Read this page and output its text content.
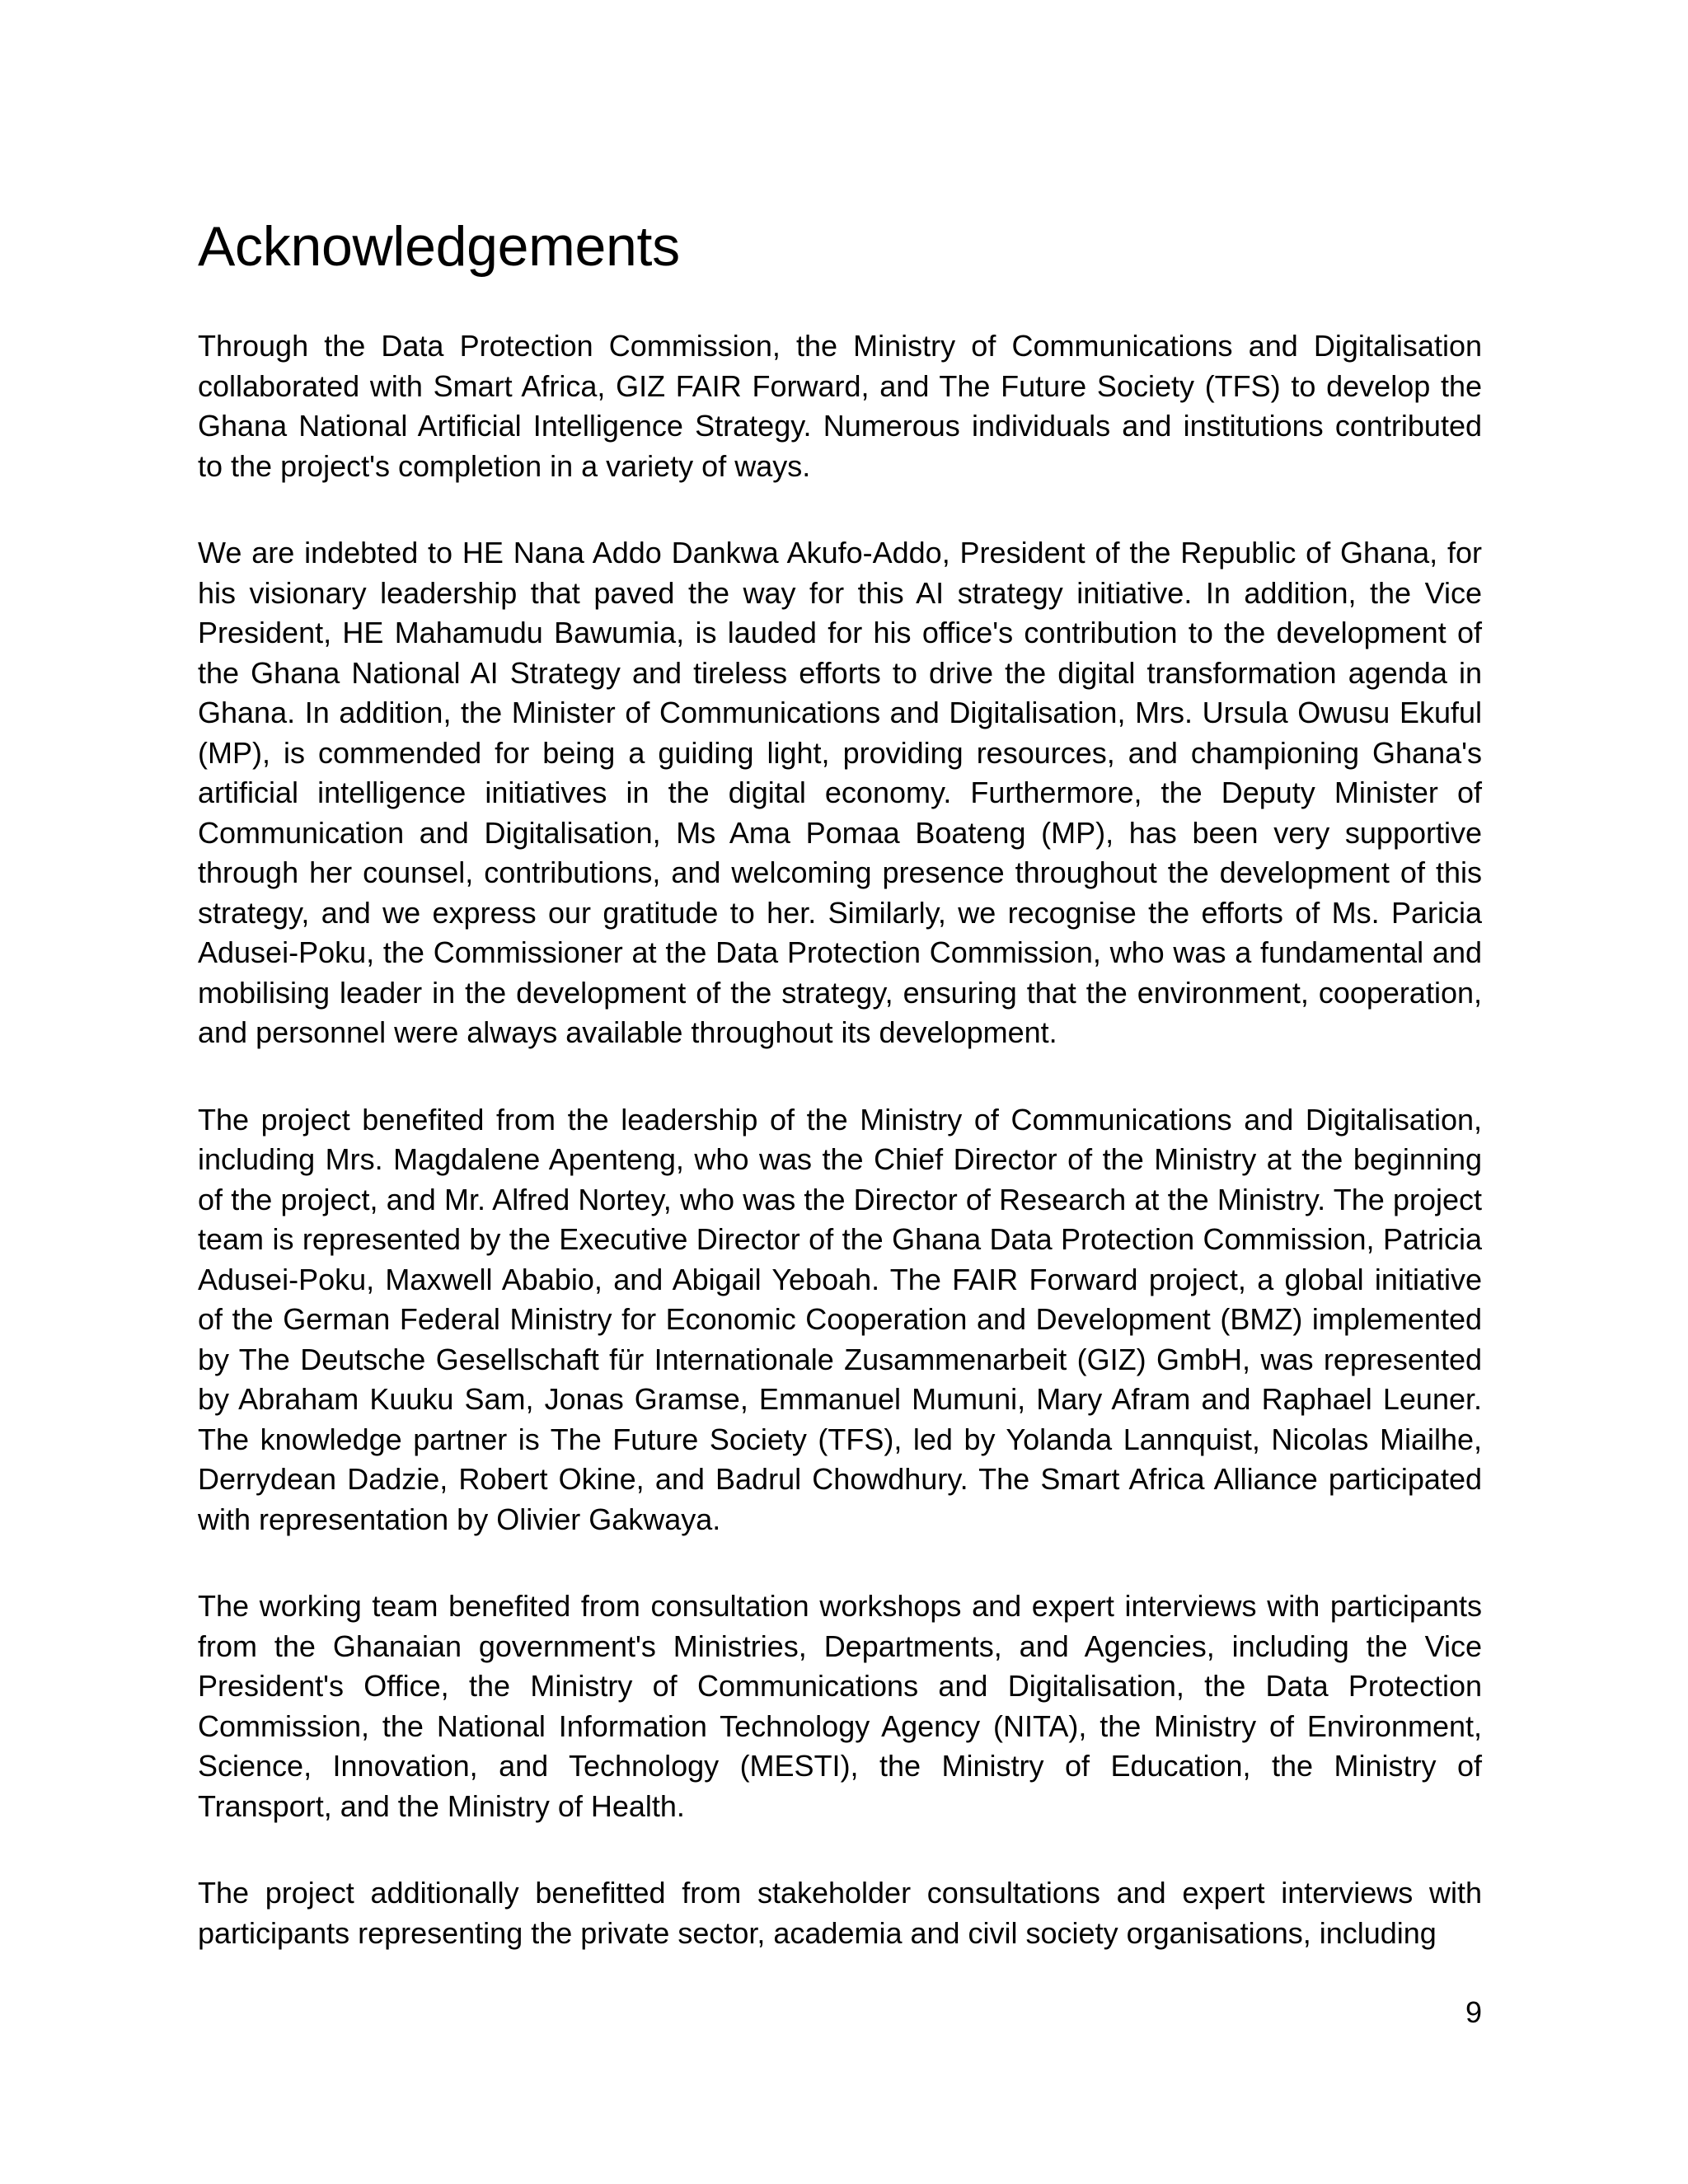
Acknowledgements

Through the Data Protection Commission, the Ministry of Communications and Digitalisation collaborated with Smart Africa, GIZ FAIR Forward, and The Future Society (TFS) to develop the Ghana National Artificial Intelligence Strategy. Numerous individuals and institutions contributed to the project's completion in a variety of ways.

We are indebted to HE Nana Addo Dankwa Akufo-Addo, President of the Republic of Ghana, for his visionary leadership that paved the way for this AI strategy initiative. In addition, the Vice President, HE Mahamudu Bawumia, is lauded for his office's contribution to the development of the Ghana National AI Strategy and tireless efforts to drive the digital transformation agenda in Ghana. In addition, the Minister of Communications and Digitalisation, Mrs. Ursula Owusu Ekuful (MP), is commended for being a guiding light, providing resources, and championing Ghana's artificial intelligence initiatives in the digital economy. Furthermore, the Deputy Minister of Communication and Digitalisation, Ms Ama Pomaa Boateng (MP), has been very supportive through her counsel, contributions, and welcoming presence throughout the development of this strategy, and we express our gratitude to her. Similarly, we recognise the efforts of Ms. Paricia Adusei-Poku, the Commissioner at the Data Protection Commission, who was a fundamental and mobilising leader in the development of the strategy, ensuring that the environment, cooperation, and personnel were always available throughout its development.

The project benefited from the leadership of the Ministry of Communications and Digitalisation, including Mrs. Magdalene Apenteng, who was the Chief Director of the Ministry at the beginning of the project, and Mr. Alfred Nortey, who was the Director of Research at the Ministry. The project team is represented by the Executive Director of the Ghana Data Protection Commission, Patricia Adusei-Poku, Maxwell Ababio, and Abigail Yeboah. The FAIR Forward project, a global initiative of the German Federal Ministry for Economic Cooperation and Development (BMZ) implemented by The Deutsche Gesellschaft für Internationale Zusammenarbeit (GIZ) GmbH, was represented by Abraham Kuuku Sam, Jonas Gramse, Emmanuel Mumuni, Mary Afram and Raphael Leuner. The knowledge partner is The Future Society (TFS), led by Yolanda Lannquist, Nicolas Miailhe, Derrydean Dadzie, Robert Okine, and Badrul Chowdhury. The Smart Africa Alliance participated with representation by Olivier Gakwaya.

The working team benefited from consultation workshops and expert interviews with participants from the Ghanaian government's Ministries, Departments, and Agencies, including the Vice President's Office, the Ministry of Communications and Digitalisation, the Data Protection Commission, the National Information Technology Agency (NITA), the Ministry of Environment, Science, Innovation, and Technology (MESTI), the Ministry of Education, the Ministry of Transport, and the Ministry of Health.

The project additionally benefitted from stakeholder consultations and expert interviews with participants representing the private sector, academia and civil society organisations, including

9
